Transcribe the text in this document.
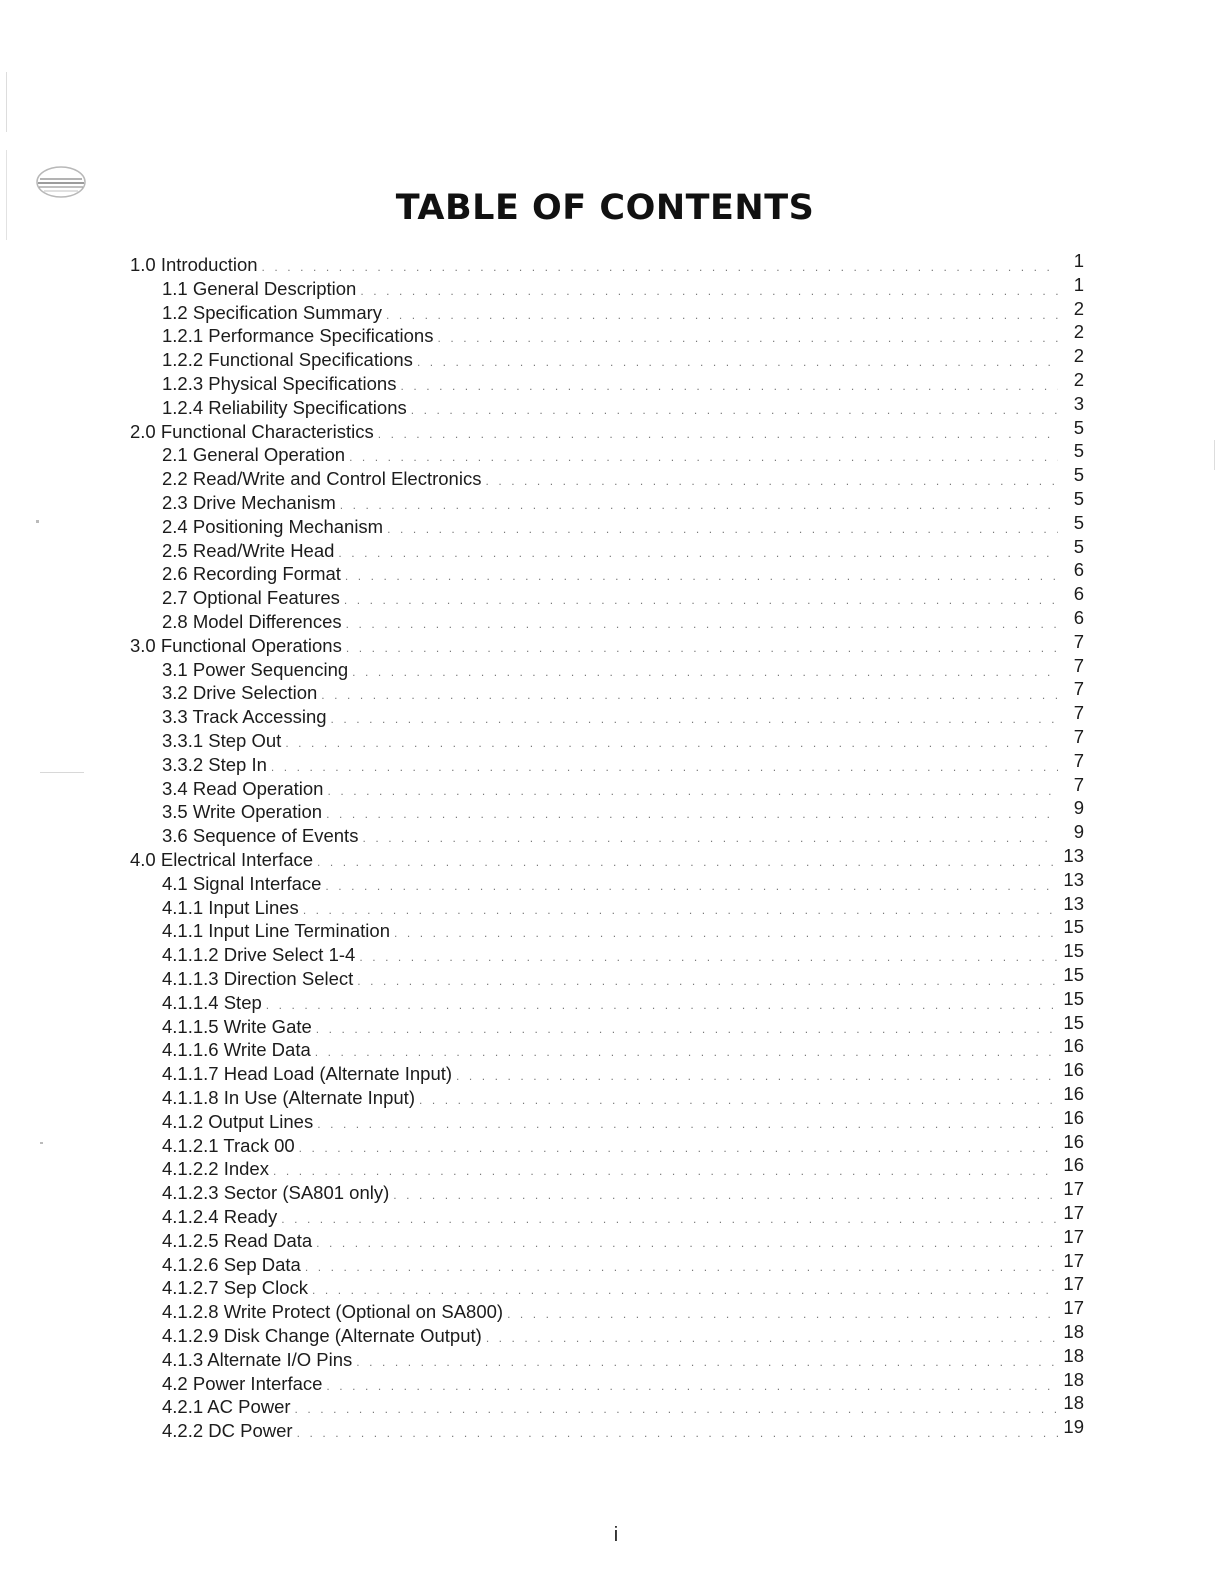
TABLE OF CONTENTS
1.0 Introduction . . .	1
1.1 General Description . . .	1
1.2 Specification Summary . . .	2
1.2.1 Performance Specifications . . .	2
1.2.2 Functional Specifications . . .	2
1.2.3 Physical Specifications . . .	2
1.2.4 Reliability Specifications . . .	3
2.0 Functional Characteristics . . .	5
2.1 General Operation . . .	5
2.2 Read/Write and Control Electronics . . .	5
2.3 Drive Mechanism . . .	5
2.4 Positioning Mechanism . . .	5
2.5 Read/Write Head . . .	5
2.6 Recording Format . . .	6
2.7 Optional Features . . .	6
2.8 Model Differences . . .	6
3.0 Functional Operations . . .	7
3.1 Power Sequencing . . .	7
3.2 Drive Selection . . .	7
3.3 Track Accessing . . .	7
3.3.1 Step Out . . .	7
3.3.2 Step In . . .	7
3.4 Read Operation . . .	7
3.5 Write Operation . . .	9
3.6 Sequence of Events . . .	9
4.0 Electrical Interface . . .	13
4.1 Signal Interface . . .	13
4.1.1 Input Lines . . .	13
4.1.1 Input Line Termination . . .	15
4.1.1.2 Drive Select 1-4 . . .	15
4.1.1.3 Direction Select . . .	15
4.1.1.4 Step . . .	15
4.1.1.5 Write Gate . . .	15
4.1.1.6 Write Data . . .	16
4.1.1.7 Head Load (Alternate Input) . . .	16
4.1.1.8 In Use (Alternate Input) . . .	16
4.1.2 Output Lines . . .	16
4.1.2.1 Track 00 . . .	16
4.1.2.2 Index . . .	16
4.1.2.3 Sector (SA801 only) . . .	17
4.1.2.4 Ready . . .	17
4.1.2.5 Read Data . . .	17
4.1.2.6 Sep Data . . .	17
4.1.2.7 Sep Clock . . .	17
4.1.2.8 Write Protect (Optional on SA800) . . .	17
4.1.2.9 Disk Change (Alternate Output) . . .	18
4.1.3 Alternate I/O Pins . . .	18
4.2 Power Interface . . .	18
4.2.1 AC Power . . .	18
4.2.2 DC Power . . .	19
i
